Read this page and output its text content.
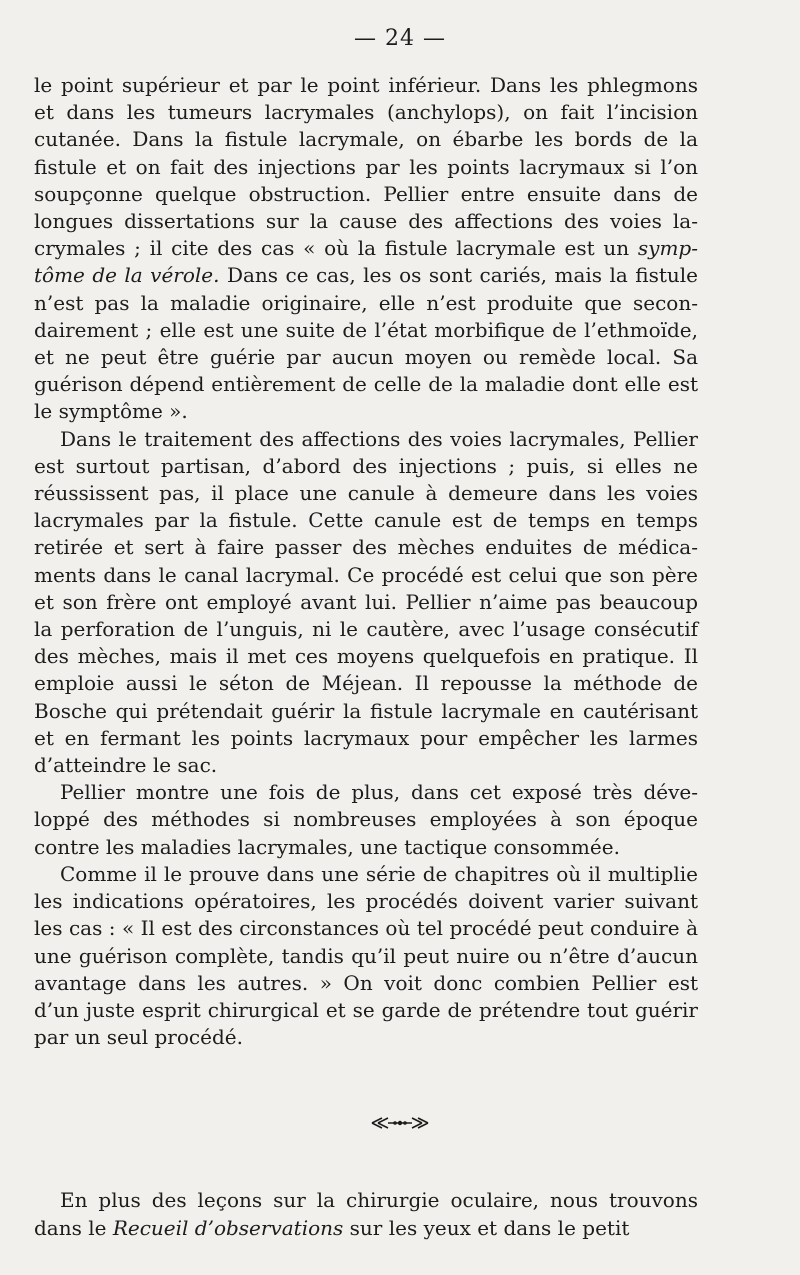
— 24 —

le point supérieur et par le point inférieur. Dans les phlegmons et dans les tumeurs lacrymales (anchylops), on fait l’incision cutanée. Dans la fistule lacrymale, on ébarbe les bords de la fistule et on fait des injections par les points lacrymaux si l’on soupçonne quelque obstruction. Pellier entre ensuite dans de longues dissertations sur la cause des affections des voies lacrymales ; il cite des cas « où la fistule lacrymale est un symptôme de la vérole. Dans ce cas, les os sont cariés, mais la fistule n’est pas la maladie originaire, elle n’est produite que secondairement ; elle est une suite de l’état morbifique de l’ethmoïde, et ne peut être guérie par aucun moyen ou remède local. Sa guérison dépend entièrement de celle de la maladie dont elle est le symptôme ».

Dans le traitement des affections des voies lacrymales, Pellier est surtout partisan, d’abord des injections ; puis, si elles ne réussissent pas, il place une canule à demeure dans les voies lacrymales par la fistule. Cette canule est de temps en temps retirée et sert à faire passer des mèches enduites de médicaments dans le canal lacrymal. Ce procédé est celui que son père et son frère ont employé avant lui. Pellier n’aime pas beaucoup la perforation de l’unguis, ni le cautère, avec l’usage consécutif des mèches, mais il met ces moyens quelquefois en pratique. Il emploie aussi le séton de Méjean. Il repousse la méthode de Bosche qui prétendait guérir la fistule lacrymale en cautérisant et en fermant les points lacrymaux pour empêcher les larmes d’atteindre le sac.

Pellier montre une fois de plus, dans cet exposé très développé des méthodes si nombreuses employées à son époque contre les maladies lacrymales, une tactique consommée.

Comme il le prouve dans une série de chapitres où il multiplie les indications opératoires, les procédés doivent varier suivant les cas : « Il est des circonstances où tel procédé peut conduire à une guérison complète, tandis qu’il peut nuire ou n’être d’aucun avantage dans les autres. » On voit donc combien Pellier est d’un juste esprit chirurgical et se garde de prétendre tout guérir par un seul procédé.

En plus des leçons sur la chirurgie oculaire, nous trouvons dans le Recueil d’observations sur les yeux et dans le petit
